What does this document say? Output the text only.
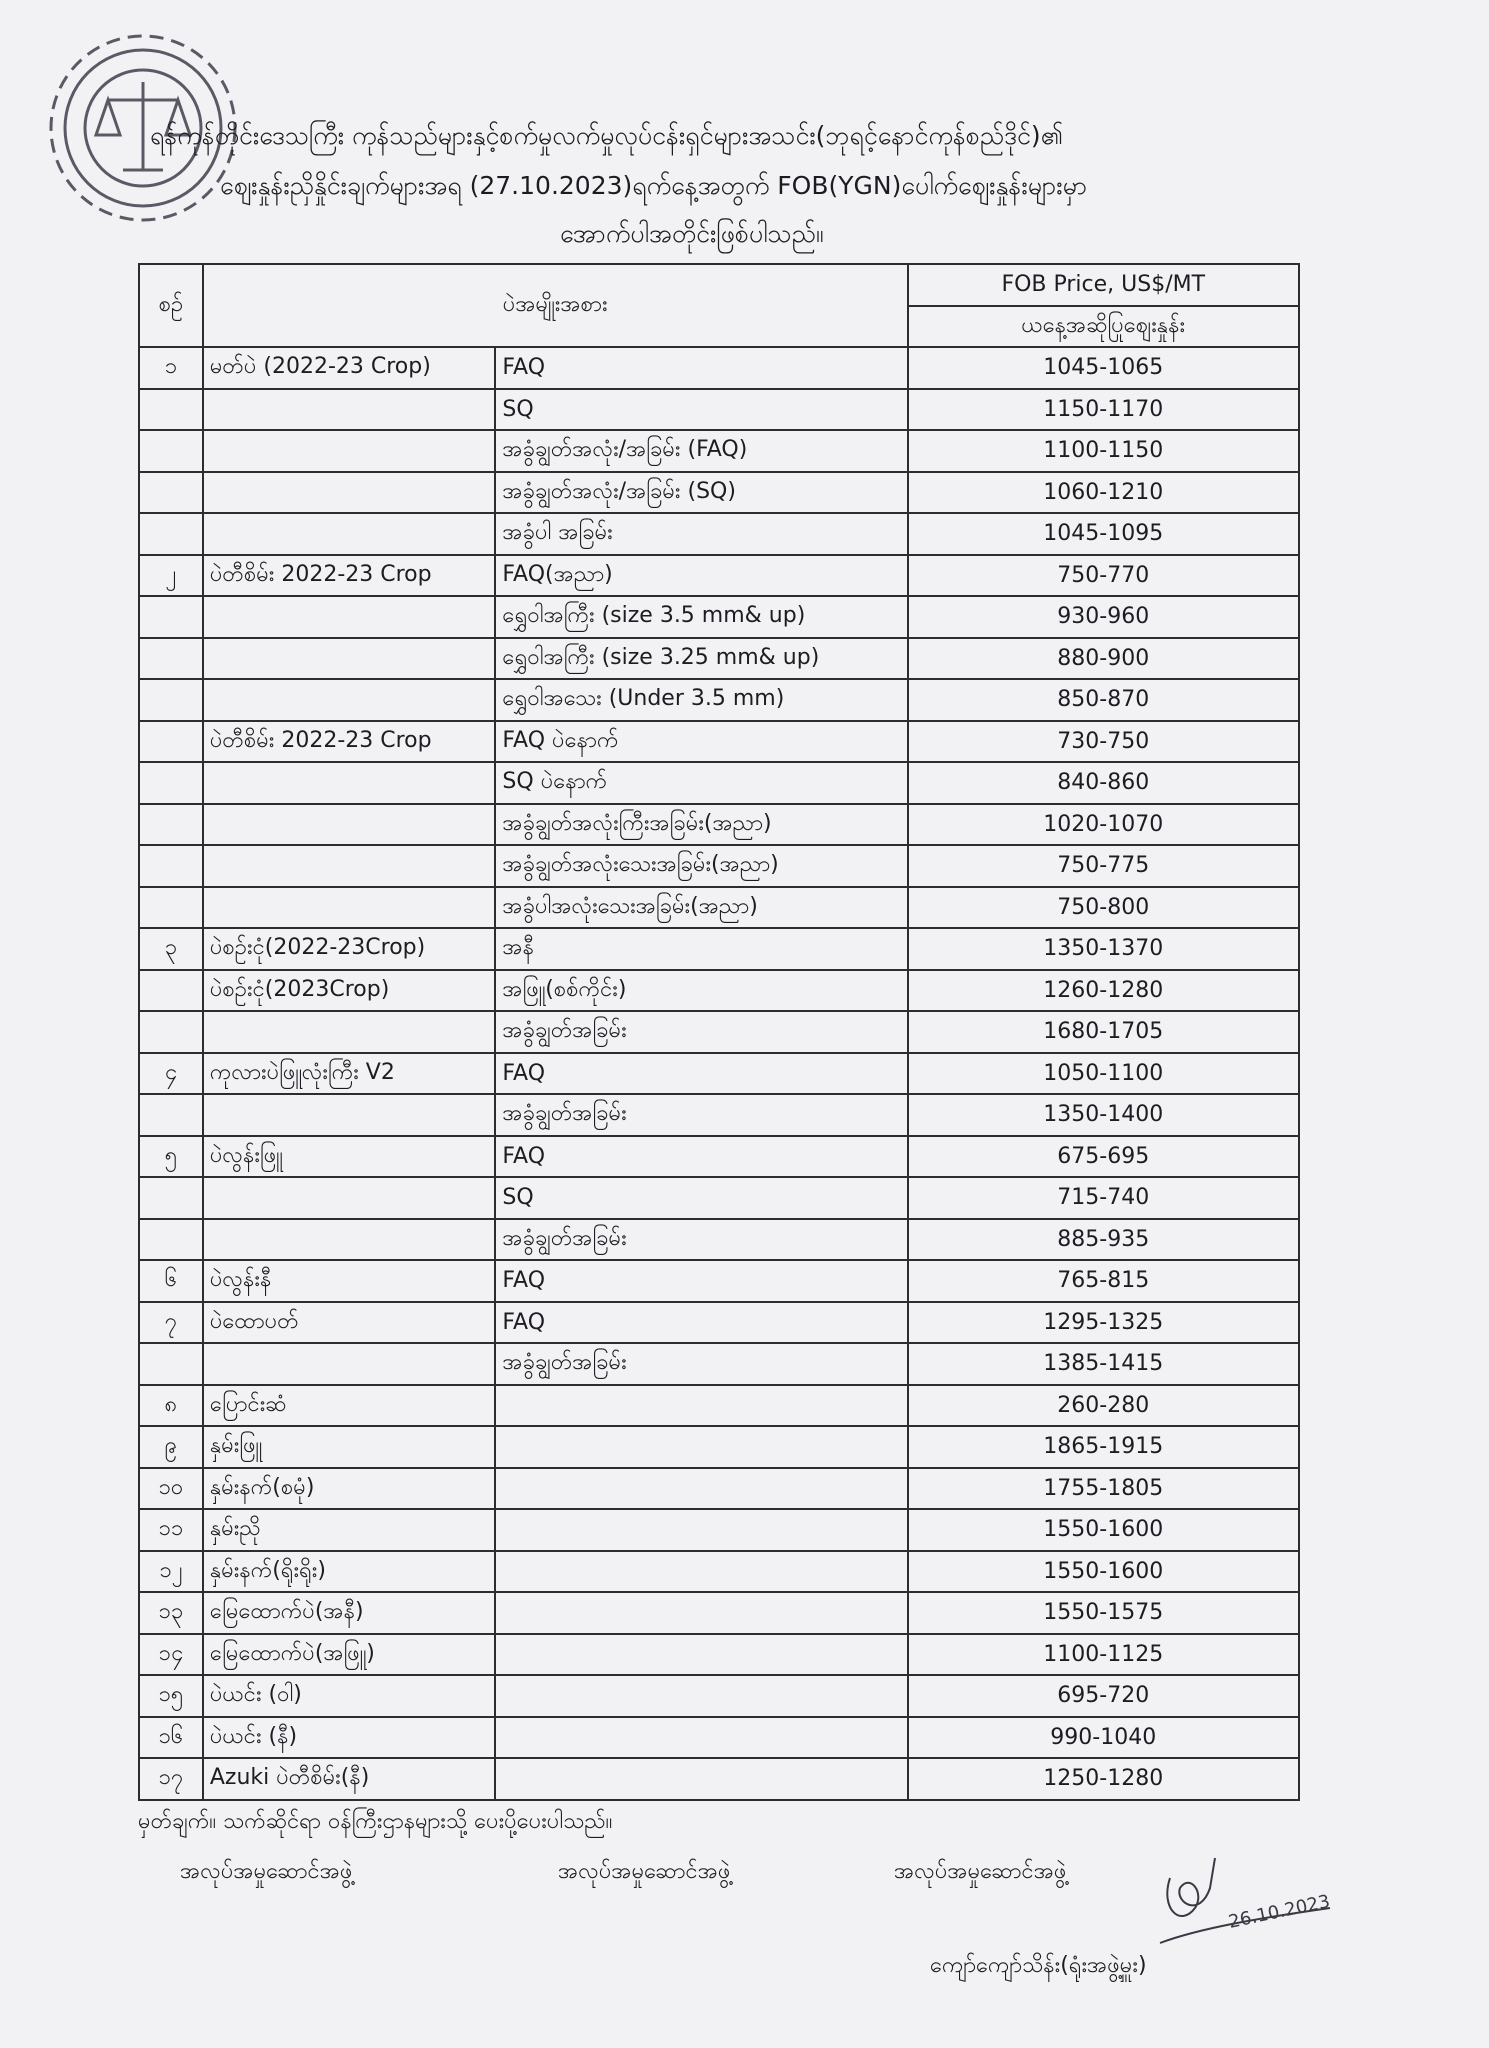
ရန်ကုန်တိုင်းဒေသကြီး ကုန်သည်များနှင့်စက်မှုလက်မှုလုပ်ငန်းရှင်များအသင်း(ဘုရင့်နောင်ကုန်စည်ဒိုင်)၏
ဈေးနှုန်းညှိနှိုင်းချက်များအရ (27.10.2023)ရက်နေ့အတွက် FOB(YGN)ပေါက်ဈေးနှုန်းများမှာ
အောက်ပါအတိုင်းဖြစ်ပါသည်။
စဉ်	ပဲအမျိုးအစား		FOB Price, US$/MT
			ယနေ့အဆိုပြုဈေးနှုန်း
၁	မတ်ပဲ (2022-23 Crop)	FAQ	1045-1065
		SQ	1150-1170
		အခွံချွတ်အလုံး/အခြမ်း (FAQ)	1100-1150
		အခွံချွတ်အလုံး/အခြမ်း (SQ)	1060-1210
		အခွံပါ အခြမ်း	1045-1095
၂	ပဲတီစိမ်း 2022-23 Crop	FAQ(အညာ)	750-770
		ရွှေဝါအကြီး (size 3.5 mm& up)	930-960
		ရွှေဝါအကြီး (size 3.25 mm& up)	880-900
		ရွှေဝါအသေး (Under 3.5 mm)	850-870
	ပဲတီစိမ်း 2022-23 Crop	FAQ ပဲနောက်	730-750
		SQ ပဲနောက်	840-860
		အခွံချွတ်အလုံးကြီးအခြမ်း(အညာ)	1020-1070
		အခွံချွတ်အလုံးသေးအခြမ်း(အညာ)	750-775
		အခွံပါအလုံးသေးအခြမ်း(အညာ)	750-800
၃	ပဲစဉ်းငုံ(2022-23Crop)	အနီ	1350-1370
	ပဲစဉ်းငုံ(2023Crop)	အဖြူ(စစ်ကိုင်း)	1260-1280
		အခွံချွတ်အခြမ်း	1680-1705
၄	ကုလားပဲဖြူလုံးကြီး V2	FAQ	1050-1100
		အခွံချွတ်အခြမ်း	1350-1400
၅	ပဲလွန်းဖြူ	FAQ	675-695
		SQ	715-740
		အခွံချွတ်အခြမ်း	885-935
၆	ပဲလွန်းနီ	FAQ	765-815
၇	ပဲထောပတ်	FAQ	1295-1325
		အခွံချွတ်အခြမ်း	1385-1415
၈	ပြောင်းဆံ		260-280
၉	နှမ်းဖြူ		1865-1915
၁၀	နှမ်းနက်(စမုံ)		1755-1805
၁၁	နှမ်းညို		1550-1600
၁၂	နှမ်းနက်(ရိုးရိုး)		1550-1600
၁၃	မြေထောက်ပဲ(အနီ)		1550-1575
၁၄	မြေထောက်ပဲ(အဖြူ)		1100-1125
၁၅	ပဲယင်း (ဝါ)		695-720
၁၆	ပဲယင်း (နီ)		990-1040
၁၇	Azuki ပဲတီစိမ်း(နီ)		1250-1280
မှတ်ချက်။ သက်ဆိုင်ရာ ဝန်ကြီးဌာနများသို့ ပေးပို့ပေးပါသည်။
အလုပ်အမှုဆောင်အဖွဲ့	အလုပ်အမှုဆောင်အဖွဲ့	အလုပ်အမှုဆောင်အဖွဲ့
26.10.2023
ကျော်ကျော်သိန်း(ရုံးအဖွဲ့မှူး)
